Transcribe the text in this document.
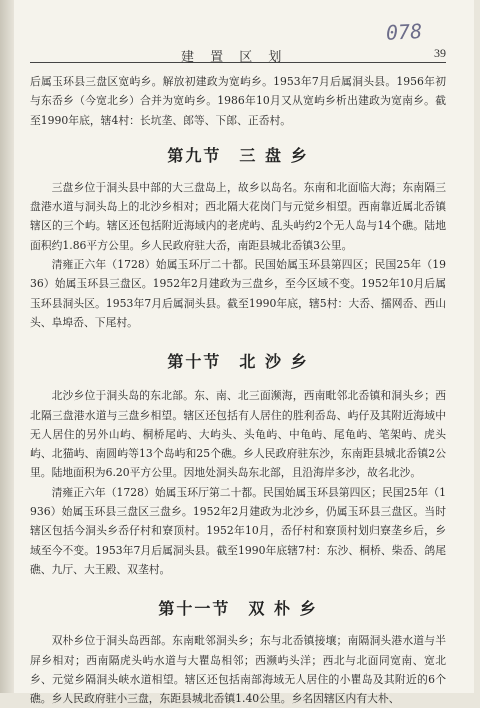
078
建 置 区 划	39

后属玉环县三盘区宽屿乡。解放初建政为宽屿乡。1953年7月后属洞头县。1956年初与东岙乡（今宽北乡）合并为宽屿乡。1986年10月又从宽屿乡析出建政为宽南乡。截至1990年底，辖4村：长坑垄、郎等、下郎、正岙村。

第九节　三 盘 乡

三盘乡位于洞头县中部的大三盘岛上，故乡以岛名。东南和北面临大海；东南隔三盘港水道与洞头岛上的北沙乡相对；西北隔大花岗门与元觉乡相望。西南靠近属北岙镇辖区的三个屿。辖区还包括附近海域内的老虎屿、乱头屿约2个无人岛与14个礁。陆地面积约1.86平方公里。乡人民政府驻大岙，南距县城北岙镇3公里。

清雍正六年（1728）始属玉环厅二十都。民国始属玉环县第四区；民国25年（1936）始属玉环县三盘区。1952年2月建政为三盘乡，至今区域不变。1952年10月后属玉环县洞头区。1953年7月后属洞头县。截至1990年底，辖5村：大岙、擂网岙、西山头、阜埠岙、下尾村。

第十节　北 沙 乡

北沙乡位于洞头岛的东北部。东、南、北三面濒海，西南毗邻北岙镇和洞头乡；西北隔三盘港水道与三盘乡相望。辖区还包括有人居住的胜利岙岛、屿仔及其附近海域中无人居住的另外山屿、桐桥尾屿、大屿头、头龟屿、中龟屿、尾龟屿、笔架屿、虎头屿、北猫屿、南圆屿等13个岛屿和25个礁。乡人民政府驻东沙，东南距县城北岙镇2公里。陆地面积为6.20平方公里。因地处洞头岛东北部，且沿海岸多沙，故名北沙。

清雍正六年（1728）始属玉环厅第二十都。民国始属玉环县第四区；民国25年（1936）始属玉环县三盘区三盘乡。1952年2月建政为北沙乡，仍属玉环县三盘区。当时辖区包括今洞头乡岙仔村和寮顶村。1952年10月，岙仔村和寮顶村划归寮垄乡后，乡域至今不变。1953年7月后属洞头县。截至1990年底辖7村：东沙、桐桥、柴岙、鸽尾礁、九厅、大王殿、双垄村。

第十一节　双 朴 乡

双朴乡位于洞头岛西部。东南毗邻洞头乡；东与北岙镇接壤；南隔洞头港水道与半屏乡相对；西南隔虎头屿水道与大瞿岛相邻；西濒屿头洋；西北与北面同宽南、宽北乡、元觉乡隔洞头峡水道相望。辖区还包括南部海域无人居住的小瞿岛及其附近的6个礁。乡人民政府驻小三盘，东距县城北岙镇1.40公里。乡名因辖区内有大朴、
